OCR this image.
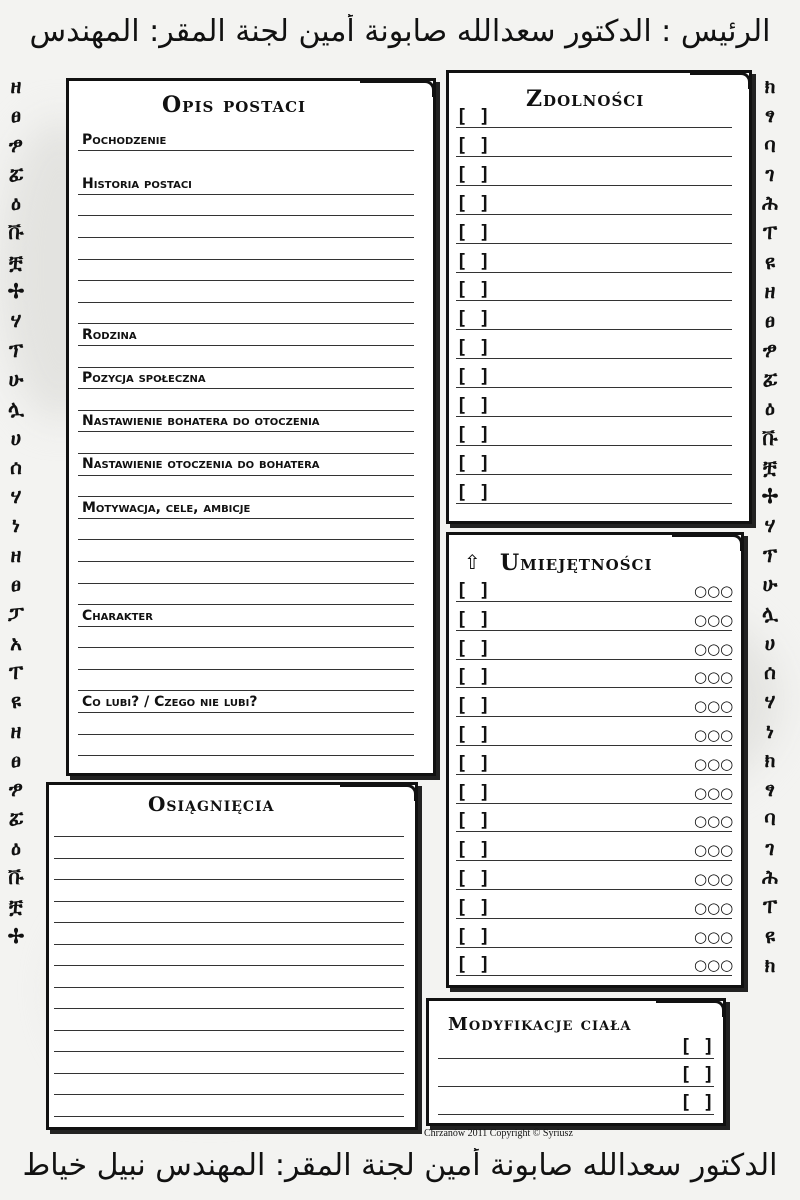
الرئيس : الدكتور سعدالله صابونة أمين لجنة المقر: المهندس
الدكتور سعدالله صابونة أمين لجنة المقر: المهندس نبيل خياط
ዘ
ፀ
ፇ
ፚ
ዕ
ቩ
ቿ
✢
ሃ
ፕ
ሁ
ሏ
ሀ
ሰ
ሃ
ነ
ዘ
ፀ
ፓ
አ
ፐ
ዩ
ዘ
ፀ
ፇ
ፚ
ዕ
ቩ
ቿ
✢
ክ
ፃ
ባ
ገ
ሕ
ፐ
ዩ
ዘ
ፀ
ፇ
ፚ
ዕ
ቩ
ቿ
✢
ሃ
ፕ
ሁ
ሏ
ሀ
ሰ
ሃ
ነ
ክ
ፃ
ባ
ገ
ሕ
ፐ
ዩ
ክ
Opis postaci
Pochodzenie
Historia postaci
Rodzina
Pozycja społeczna
Nastawienie bohatera do otoczenia
Nastawienie otoczenia do bohatera
Motywacja, cele, ambicje
Charakter
Co lubi? / Czego nie lubi?
Zdolności
[ ]
[ ]
[ ]
[ ]
[ ]
[ ]
[ ]
[ ]
[ ]
[ ]
[ ]
[ ]
[ ]
[ ]
⇧ Umiejętności
[ ]	○○○
[ ]	○○○
[ ]	○○○
[ ]	○○○
[ ]	○○○
[ ]	○○○
[ ]	○○○
[ ]	○○○
[ ]	○○○
[ ]	○○○
[ ]	○○○
[ ]	○○○
[ ]	○○○
[ ]	○○○
Osiągnięcia
Modyfikacje ciała
[ ]
[ ]
[ ]
Chrzanów 2011 Copyright © Syriusz
